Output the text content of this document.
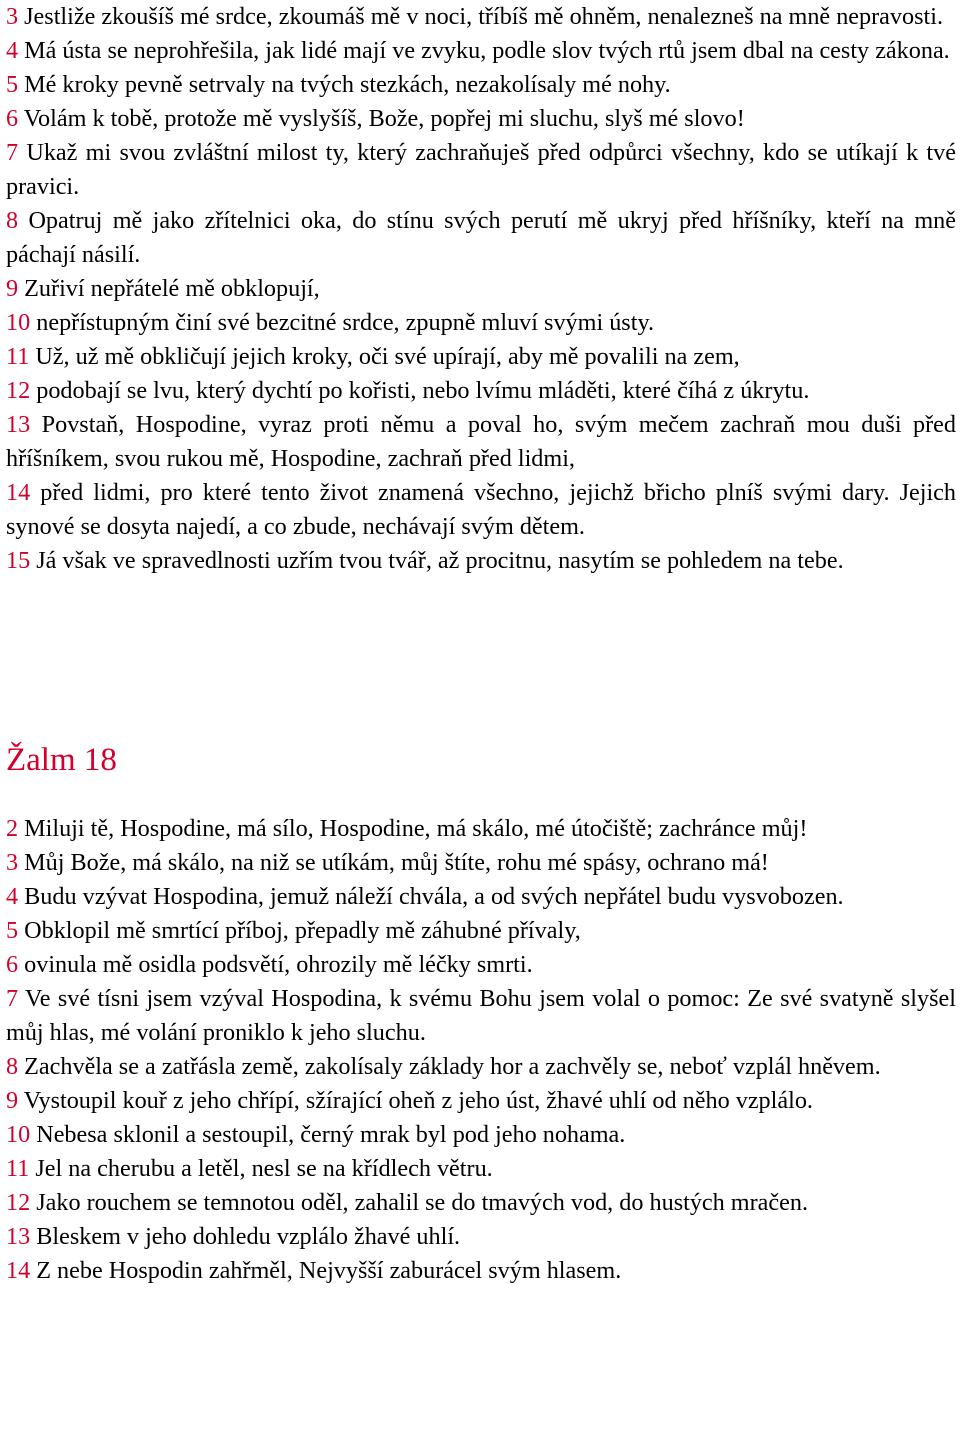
3 Jestliže zkoušíš mé srdce, zkoumáš mě v noci, tříbíš mě ohněm, nenalezneš na mně nepravosti.

4 Má ústa se neprohřešila, jak lidé mají ve zvyku, podle slov tvých rtů jsem dbal na cesty zákona.

5 Mé kroky pevně setrvaly na tvých stezkách, nezakolísaly mé nohy.

6 Volám k tobě, protože mě vyslyšíš, Bože, popřej mi sluchu, slyš mé slovo!

7 Ukaž mi svou zvláštní milost ty, který zachraňuješ před odpůrci všechny, kdo se utíkají k tvé pravici.

8 Opatruj mě jako zřítelnici oka, do stínu svých perutí mě ukryj před hříšníky, kteří na mně páchají násilí.

9 Zuřiví nepřátelé mě obklopují,

10 nepřístupným činí své bezcitné srdce, zpupně mluví svými ústy.

11 Už, už mě obkličují jejich kroky, oči své upírají, aby mě povalili na zem,

12 podobají se lvu, který dychtí po kořisti, nebo lvímu mláděti, které číhá z úkrytu.

13 Povstaň, Hospodine, vyraz proti němu a poval ho, svým mečem zachraň mou duši před hříšníkem, svou rukou mě, Hospodine, zachraň před lidmi,

14 před lidmi, pro které tento život znamená všechno, jejichž břicho plníš svými dary. Jejich synové se dosyta najedí, a co zbude, nechávají svým dětem.

15 Já však ve spravedlnosti uzřím tvou tvář, až procitnu, nasytím se pohledem na tebe.

Žalm 18

2 Miluji tě, Hospodine, má sílo, Hospodine, má skálo, mé útočiště; zachránce můj!

3 Můj Bože, má skálo, na niž se utíkám, můj štíte, rohu mé spásy, ochrano má!

4 Budu vzývat Hospodina, jemuž náleží chvála, a od svých nepřátel budu vysvobozen.

5 Obklopil mě smrtící příboj, přepadly mě záhubné přívaly,

6 ovinula mě osidla podsvětí, ohrozily mě léčky smrti.

7 Ve své tísni jsem vzýval Hospodina, k svému Bohu jsem volal o pomoc: Ze své svatyně slyšel můj hlas, mé volání proniklo k jeho sluchu.

8 Zachvěla se a zatřásla země, zakolísaly základy hor a zachvěly se, neboť vzplál hněvem.

9 Vystoupil kouř z jeho chřípí, sžírající oheň z jeho úst, žhavé uhlí od něho vzplálo.

10 Nebesa sklonil a sestoupil, černý mrak byl pod jeho nohama.

11 Jel na cherubu a letěl, nesl se na křídlech větru.

12 Jako rouchem se temnotou oděl, zahalil se do tmavých vod, do hustých mračen.

13 Bleskem v jeho dohledu vzplálo žhavé uhlí.

14 Z nebe Hospodin zahřměl, Nejvyšší zaburácel svým hlasem.
